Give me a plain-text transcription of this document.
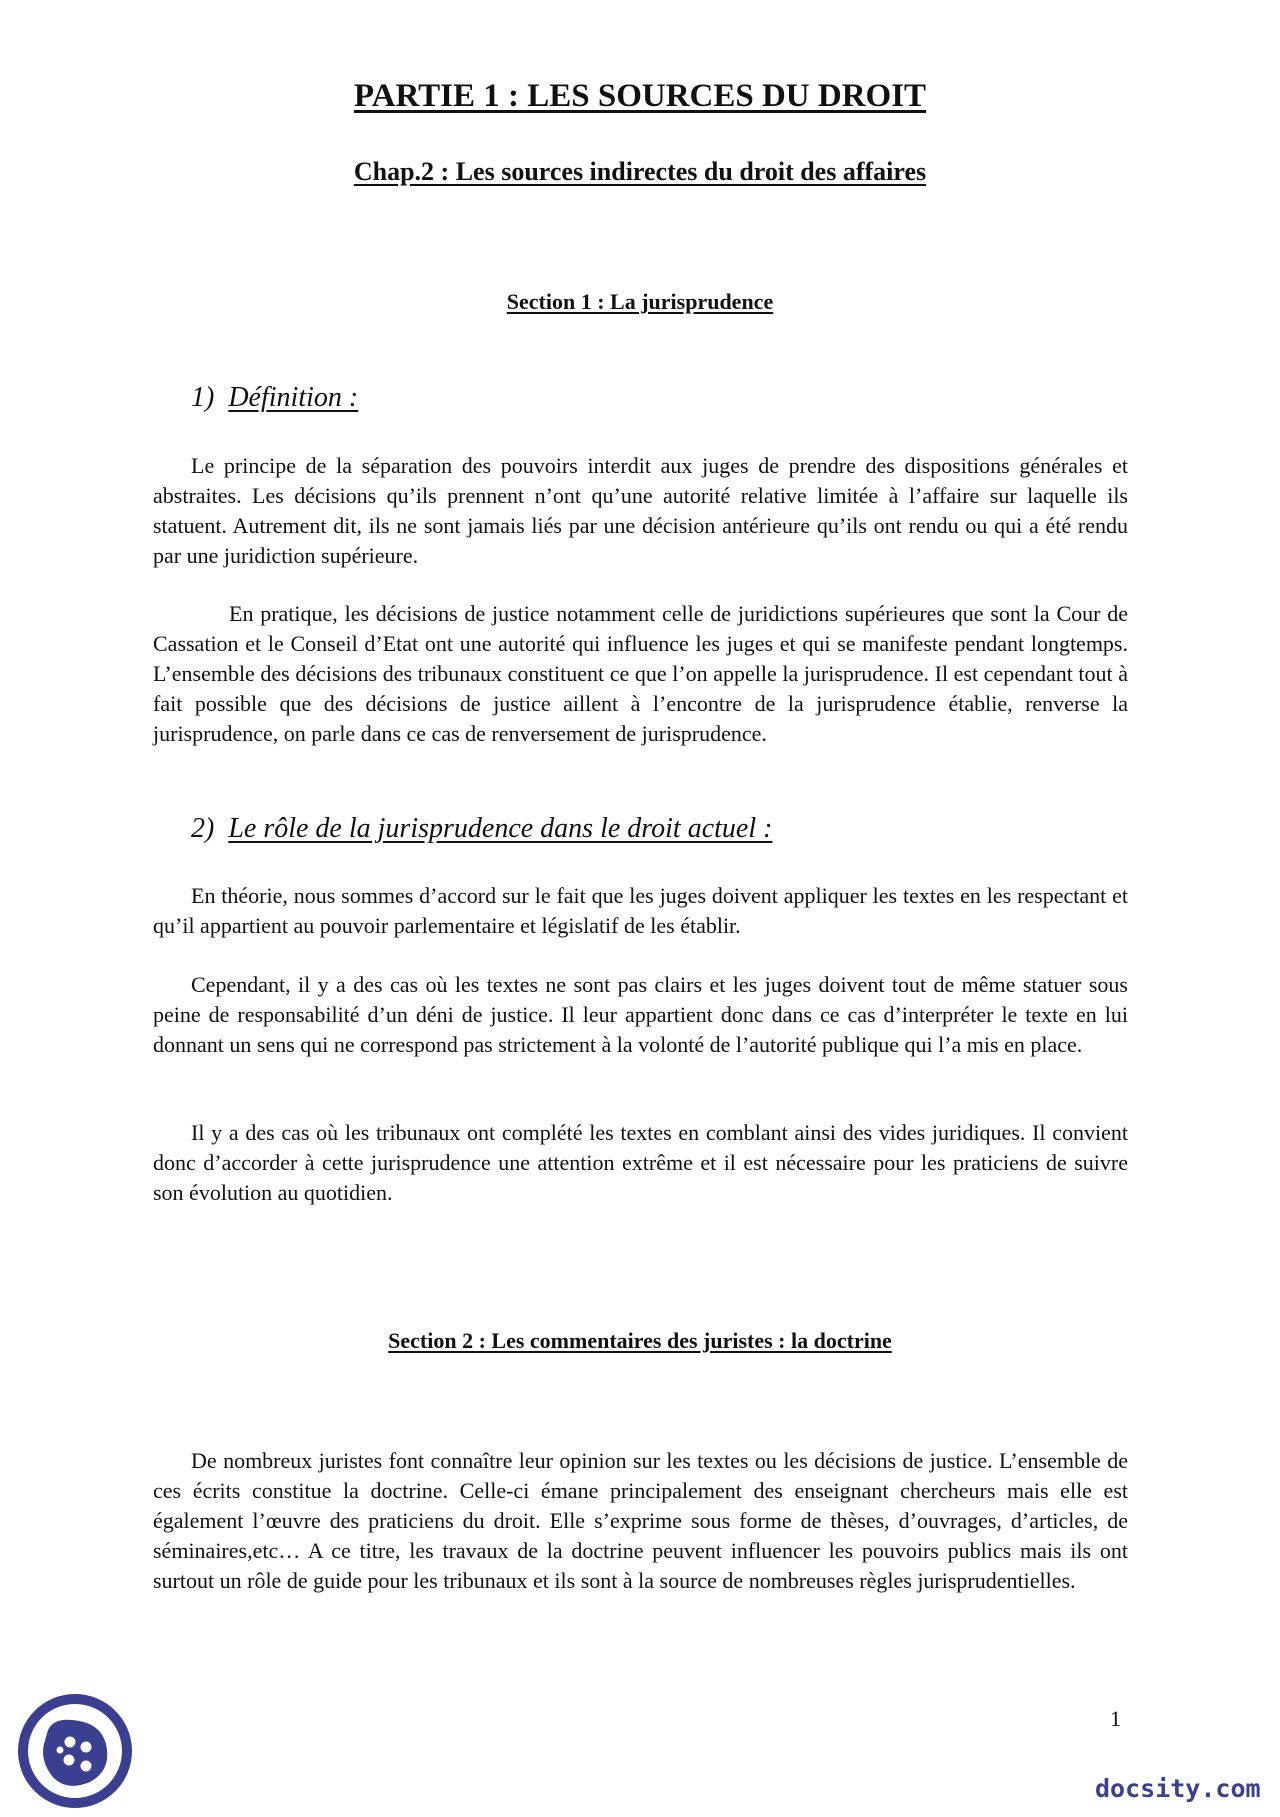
PARTIE 1 : LES SOURCES DU DROIT
Chap.2 : Les sources indirectes du droit des affaires
Section 1 : La jurisprudence
1) Définition :

Le principe de la séparation des pouvoirs interdit aux juges de prendre des dispositions générales et abstraites. Les décisions qu’ils prennent n’ont qu’une autorité relative limitée à l’affaire sur laquelle ils statuent. Autrement dit, ils ne sont jamais liés par une décision antérieure qu’ils ont rendu ou qui a été rendu par une juridiction supérieure.

En pratique, les décisions de justice notamment celle de juridictions supérieures que sont la Cour de Cassation et le Conseil d’Etat ont une autorité qui influence les juges et qui se manifeste pendant longtemps. L’ensemble des décisions des tribunaux constituent ce que l’on appelle la jurisprudence. Il est cependant tout à fait possible que des décisions de justice aillent à l’encontre de la jurisprudence établie, renverse la jurisprudence, on parle dans ce cas de renversement de jurisprudence.

2) Le rôle de la jurisprudence dans le droit actuel :

En théorie, nous sommes d’accord sur le fait que les juges doivent appliquer les textes en les respectant et qu’il appartient au pouvoir parlementaire et législatif de les établir.

Cependant, il y a des cas où les textes ne sont pas clairs et les juges doivent tout de même statuer sous peine de responsabilité d’un déni de justice. Il leur appartient donc dans ce cas d’interpréter le texte en lui donnant un sens qui ne correspond pas strictement à la volonté de l’autorité publique qui l’a mis en place.

Il y a des cas où les tribunaux ont complété les textes en comblant ainsi des vides juridiques. Il convient donc d’accorder à cette jurisprudence une attention extrême et il est nécessaire pour les praticiens de suivre son évolution au quotidien.

Section 2 : Les commentaires des juristes : la doctrine

De nombreux juristes font connaître leur opinion sur les textes ou les décisions de justice. L’ensemble de ces écrits constitue la doctrine. Celle-ci émane principalement des enseignant chercheurs mais elle est également l’œuvre des praticiens du droit. Elle s’exprime sous forme de thèses, d’ouvrages, d’articles, de séminaires,etc… A ce titre, les travaux de la doctrine peuvent influencer les pouvoirs publics mais ils ont surtout un rôle de guide pour les tribunaux et ils sont à la source de nombreuses règles jurisprudentielles.

1
docsity.com
